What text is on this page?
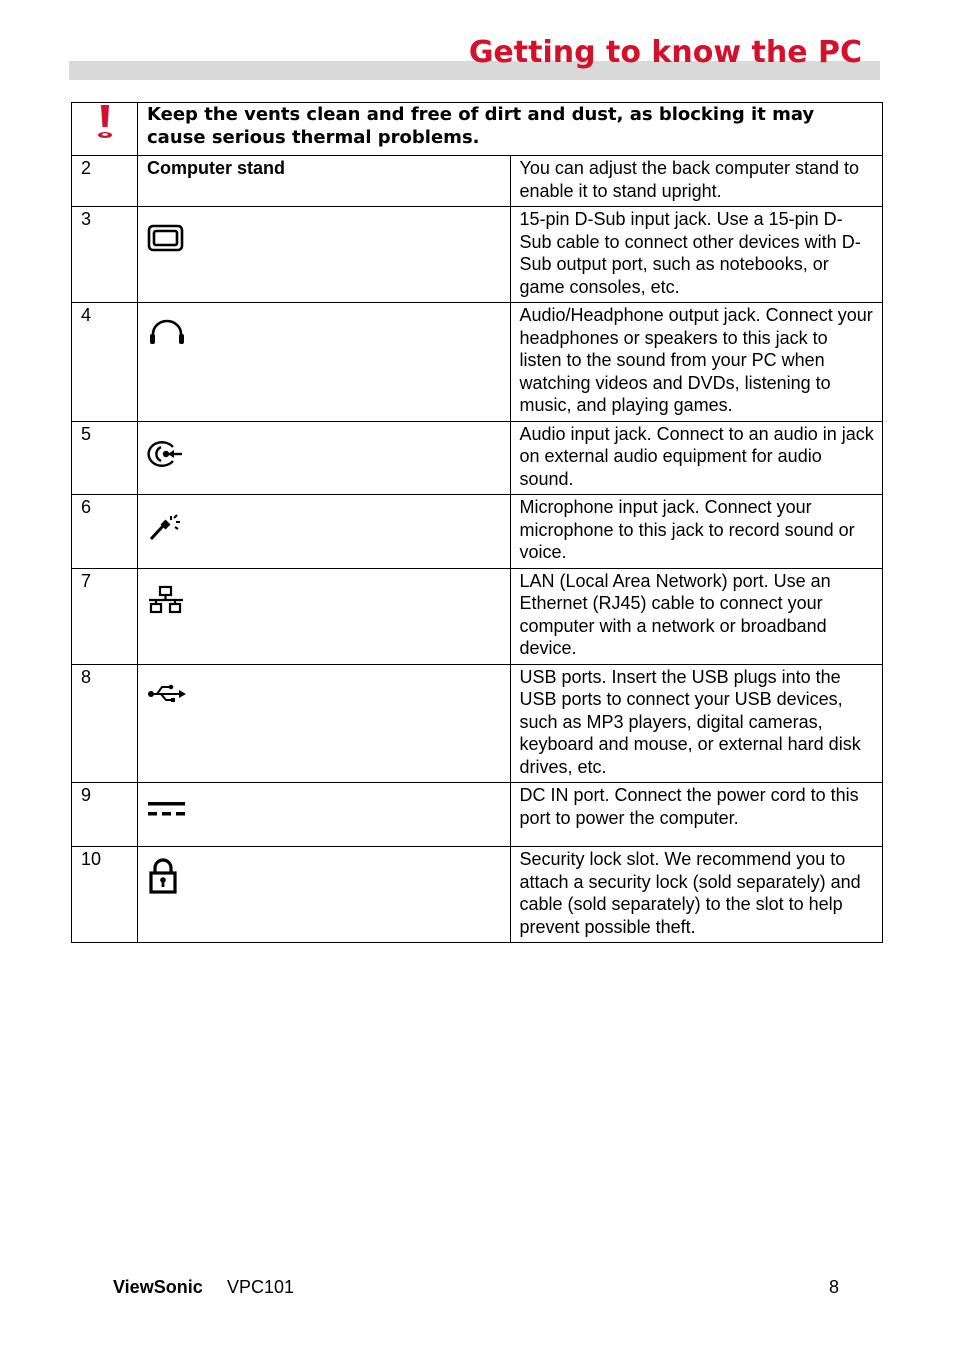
Getting to know the PC
	Keep the vents clean and free of dirt and dust, as blocking it may cause serious thermal problems.	
2	Computer stand	You can adjust the back computer stand to enable it to stand upright.
3		15-pin D-Sub input jack. Use a 15-pin D-Sub cable to connect other devices with D-Sub output port, such as notebooks, or game consoles, etc.
4		Audio/Headphone output jack. Connect your headphones or speakers to this jack to listen to the sound from your PC when watching videos and DVDs, listening to music, and playing games.
5		Audio input jack. Connect to an audio in jack on external audio equipment for audio sound.
6		Microphone input jack. Connect your microphone to this jack to record sound or voice.
7		LAN (Local Area Network) port. Use an Ethernet (RJ45) cable to connect your computer with a network or broadband device.
8		USB ports. Insert the USB plugs into the USB ports to connect your USB devices, such as MP3 players, digital cameras, keyboard and mouse, or external hard disk drives, etc.
9		DC IN port. Connect the power cord to this port to power the computer.
10		Security lock slot. We recommend you to attach a security lock (sold separately) and cable (sold separately) to the slot to help prevent possible theft.
ViewSonic VPC101	8
